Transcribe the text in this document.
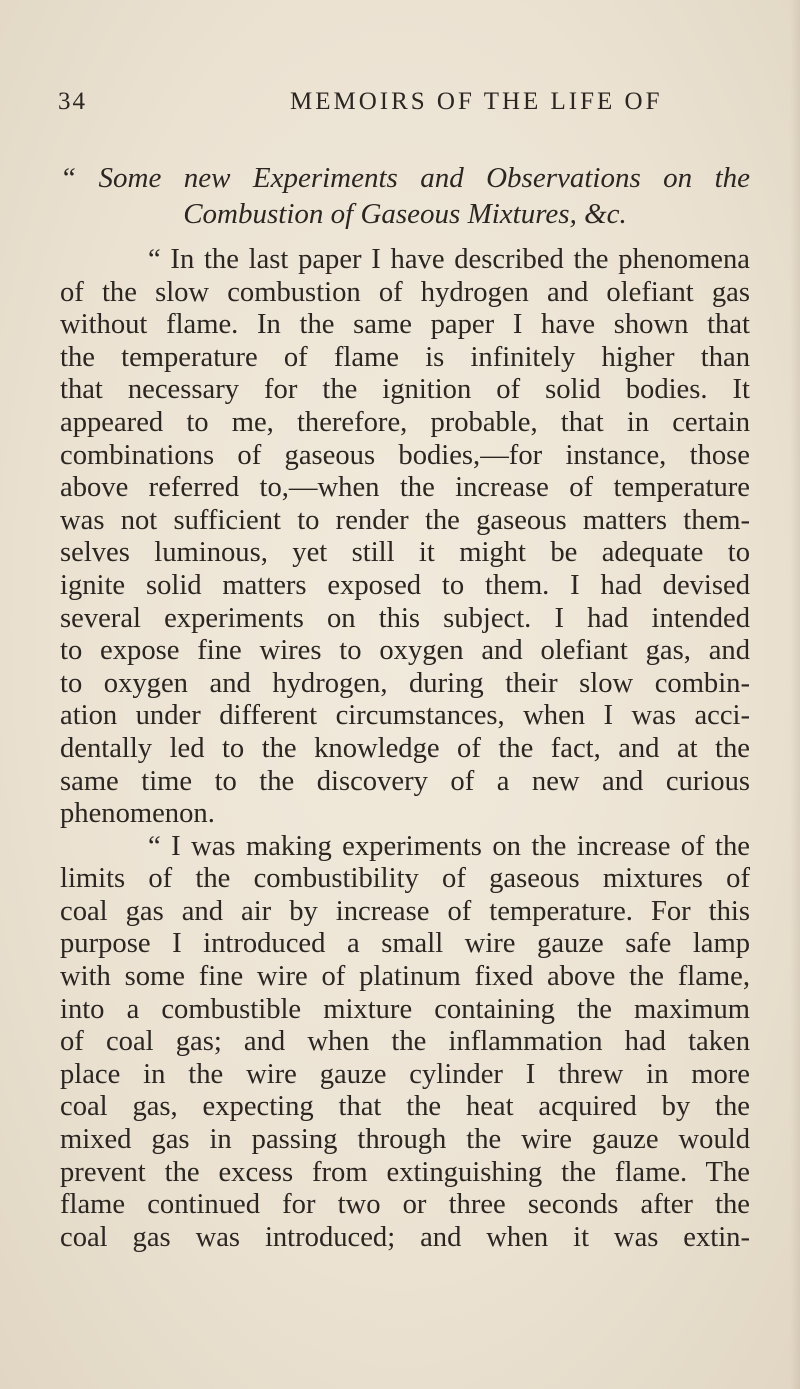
34	MEMOIRS OF THE LIFE OF
“ Some new Experiments and Observations on the
Combustion of Gaseous Mixtures, &c.
“ In the last paper I have described the phenomena
of the slow combustion of hydrogen and olefiant gas
without flame. In the same paper I have shown that
the temperature of flame is infinitely higher than
that necessary for the ignition of solid bodies. It
appeared to me, therefore, probable, that in certain
combinations of gaseous bodies,—for instance, those
above referred to,—when the increase of temperature
was not sufficient to render the gaseous matters them-
selves luminous, yet still it might be adequate to
ignite solid matters exposed to them. I had devised
several experiments on this subject. I had intended
to expose fine wires to oxygen and olefiant gas, and
to oxygen and hydrogen, during their slow combin-
ation under different circumstances, when I was acci-
dentally led to the knowledge of the fact, and at the
same time to the discovery of a new and curious
phenomenon.
“ I was making experiments on the increase of the
limits of the combustibility of gaseous mixtures of
coal gas and air by increase of temperature. For this
purpose I introduced a small wire gauze safe lamp
with some fine wire of platinum fixed above the flame,
into a combustible mixture containing the maximum
of coal gas; and when the inflammation had taken
place in the wire gauze cylinder I threw in more
coal gas, expecting that the heat acquired by the
mixed gas in passing through the wire gauze would
prevent the excess from extinguishing the flame. The
flame continued for two or three seconds after the
coal gas was introduced; and when it was extin-
